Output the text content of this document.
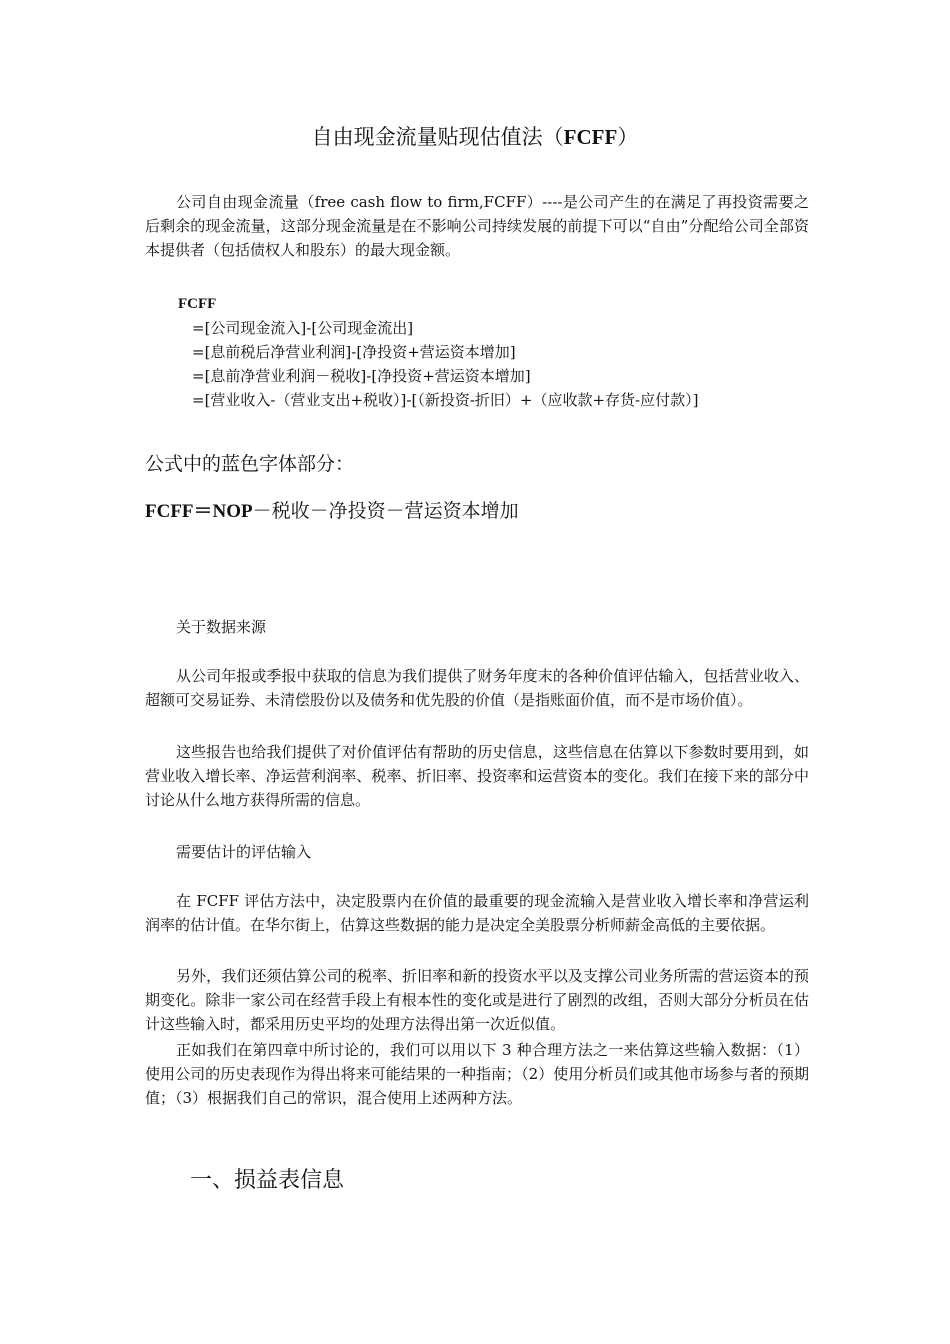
自由现金流量贴现估值法（FCFF）
公司自由现金流量（free cash flow to firm,FCFF）----是公司产生的在满足了再投资需要之后剩余的现金流量，这部分现金流量是在不影响公司持续发展的前提下可以“自由”分配给公司全部资本提供者（包括债权人和股东）的最大现金额。
FCFF
=[公司现金流入]-[公司现金流出]
=[息前税后净营业利润]-[净投资+营运资本增加]
=[息前净营业利润－税收]-[净投资+营运资本增加]
=[营业收入-（营业支出+税收）]-[（新投资-折旧）+（应收款+存货-应付款）]
公式中的蓝色字体部分：
FCFF＝NOP－税收－净投资－营运资本增加
关于数据来源
从公司年报或季报中获取的信息为我们提供了财务年度末的各种价值评估输入，包括营业收入、超额可交易证券、未清偿股份以及债务和优先股的价值（是指账面价值，而不是市场价值）。
这些报告也给我们提供了对价值评估有帮助的历史信息，这些信息在估算以下参数时要用到，如营业收入增长率、净运营利润率、税率、折旧率、投资率和运营资本的变化。我们在接下来的部分中讨论从什么地方获得所需的信息。
需要估计的评估输入
在 FCFF 评估方法中，决定股票内在价值的最重要的现金流输入是营业收入增长率和净营运利润率的估计值。在华尔街上，估算这些数据的能力是决定全美股票分析师薪金高低的主要依据。
另外，我们还须估算公司的税率、折旧率和新的投资水平以及支撑公司业务所需的营运资本的预期变化。除非一家公司在经营手段上有根本性的变化或是进行了剧烈的改组，否则大部分分析员在估计这些输入时，都采用历史平均的处理方法得出第一次近似值。
正如我们在第四章中所讨论的，我们可以用以下 3 种合理方法之一来估算这些输入数据：（1）使用公司的历史表现作为得出将来可能结果的一种指南；（2）使用分析员们或其他市场参与者的预期值；（3）根据我们自己的常识，混合使用上述两种方法。
一、损益表信息
